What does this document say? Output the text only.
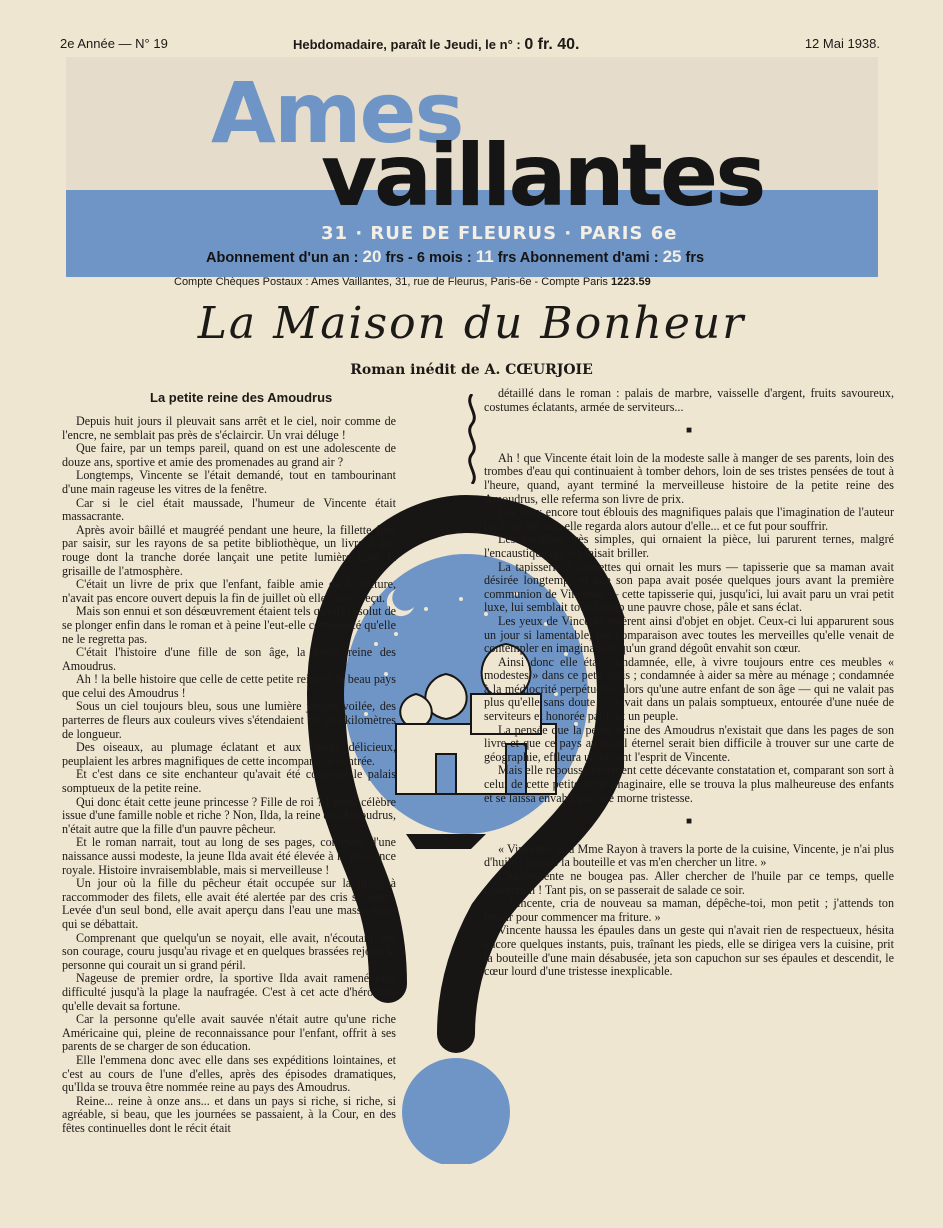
2e Année — N° 19	Hebdomadaire, paraît le Jeudi, le n° : 0 fr. 40.	12 Mai 1938.
Ames
vaillantes
31 · RUE DE FLEURUS · PARIS 6e
Abonnement d'un an : 20 frs - 6 mois : 11 frs Abonnement d'ami : 25 frs
Compte Chèques Postaux : Ames Vaillantes, 31, rue de Fleurus, Paris-6e - Compte Paris 1223.59
La Maison du Bonheur
Roman inédit de A. CŒURJOIE
La petite reine des Amoudrus

Depuis huit jours il pleuvait sans arrêt et le ciel, noir comme de l'encre, ne semblait pas près de s'éclaircir. Un vrai déluge !

Que faire, par un temps pareil, quand on est une adolescente de douze ans, sportive et amie des promenades au grand air ?

Longtemps, Vincente se l'était demandé, tout en tambourinant d'une main rageuse les vitres de la fenêtre.

Car si le ciel était maussade, l'humeur de Vincente était massacrante.

Après avoir bâillé et maugréé pendant une heure, la fillette finit par saisir, sur les rayons de sa petite bibliothèque, un livre à dos rouge dont la tranche dorée lançait une petite lumière dans la grisaille de l'atmosphère.

C'était un livre de prix que l'enfant, faible amie de la lecture, n'avait pas encore ouvert depuis la fin de juillet où elle l'avait reçu.

Mais son ennui et son désœuvrement étaient tels qu'elle résolut de se plonger enfin dans le roman et à peine l'eut-elle commencé qu'elle ne le regretta pas.

C'était l'histoire d'une fille de son âge, la petite reine des Amoudrus.

Ah ! la belle histoire que celle de cette petite reine et le beau pays que celui des Amoudrus !

Sous un ciel toujours bleu, sous une lumière jamais voilée, des parterres de fleurs aux couleurs vives s'étendaient sur des kilomètres de longueur.

Des oiseaux, au plumage éclatant et aux chants délicieux, peuplaient les arbres magnifiques de cette incomparable contrée.

Et c'est dans ce site enchanteur qu'avait été construit le palais somptueux de la petite reine.

Qui donc était cette jeune princesse ? Fille de roi ? Enfant célèbre issue d'une famille noble et riche ? Non, Ilda, la reine des Amoudrus, n'était autre que la fille d'un pauvre pêcheur.

Et le roman narrait, tout au long de ses pages, comment d'une naissance aussi modeste, la jeune Ilda avait été élevée à la puissance royale. Histoire invraisemblable, mais si merveilleuse !

Un jour où la fille du pêcheur était occupée sur la plage à raccommoder des filets, elle avait été alertée par des cris stridents. Levée d'un seul bond, elle avait aperçu dans l'eau une masse noire qui se débattait.

Comprenant que quelqu'un se noyait, elle avait, n'écoutant que son courage, couru jusqu'au rivage et en quelques brassées rejoint la personne qui courait un si grand péril.

Nageuse de premier ordre, la sportive Ilda avait ramené sans difficulté jusqu'à la plage la naufragée. C'est à cet acte d'héroïsme qu'elle devait sa fortune.

Car la personne qu'elle avait sauvée n'était autre qu'une riche Américaine qui, pleine de reconnaissance pour l'enfant, offrit à ses parents de se charger de son éducation.

Elle l'emmena donc avec elle dans ses expéditions lointaines, et c'est au cours de l'une d'elles, après des épisodes dramatiques, qu'Ilda se trouva être nommée reine au pays des Amoudrus.

Reine... reine à onze ans... et dans un pays si riche, si riche, si agréable, si beau, que les journées se passaient, à la Cour, en des fêtes continuelles dont le récit était

détaillé dans le roman : palais de marbre, vaisselle d'argent, fruits savoureux, costumes éclatants, armée de serviteurs...

■

Ah ! que Vincente était loin de la modeste salle à manger de ses parents, loin des trombes d'eau qui continuaient à tomber dehors, loin de ses tristes pensées de tout à l'heure, quand, ayant terminé la merveilleuse histoire de la petite reine des Amoudrus, elle referma son livre de prix.

Les yeux encore tout éblouis des magnifiques palais que l'imagination de l'auteur lui avait décrits, elle regarda alors autour d'elle... et ce fut pour souffrir.

Les meubles, très simples, qui ornaient la pièce, lui parurent ternes, malgré l'encaustique qui les faisait briller.

La tapisserie à fleurettes qui ornait les murs — tapisserie que sa maman avait désirée longtemps et que son papa avait posée quelques jours avant la première communion de Vincente — cette tapisserie qui, jusqu'ici, lui avait paru un vrai petit luxe, lui semblait tout à coup une pauvre chose, pâle et sans éclat.

Les yeux de Vincente errèrent ainsi d'objet en objet. Ceux-ci lui apparurent sous un jour si lamentable, par comparaison avec toutes les merveilles qu'elle venait de contempler en imagination, qu'un grand dégoût envahit son cœur.

Ainsi donc elle était condamnée, elle, à vivre toujours entre ces meubles « modestes » dans ce petit logis ; condamnée à aider sa mère au ménage ; condamnée à la médiocrité perpétuelle, alors qu'une autre enfant de son âge — qui ne valait pas plus qu'elle sans doute — vivait dans un palais somptueux, entourée d'une nuée de serviteurs et honorée par tout un peuple.

La pensée que la petite reine des Amoudrus n'existait que dans les pages de son livre et que ce pays au soleil éternel serait bien difficile à trouver sur une carte de géographie, effleura un instant l'esprit de Vincente.

Mais elle repoussa vivement cette décevante constatation et, comparant son sort à celui de cette petite reine imaginaire, elle se trouva la plus malheureuse des enfants et se laissa envahir par une morne tristesse.

■

« Vincente, cria Mme Rayon à travers la porte de la cuisine, Vincente, je n'ai plus d'huile ; prends la bouteille et vas m'en chercher un litre. »

L'adolescente ne bougea pas. Aller chercher de l'huile par ce temps, quelle distraction ! Tant pis, on se passerait de salade ce soir.

« Vincente, cria de nouveau sa maman, dépêche-toi, mon petit ; j'attends ton retour pour commencer ma friture. »

Vincente haussa les épaules dans un geste qui n'avait rien de respectueux, hésita encore quelques instants, puis, traînant les pieds, elle se dirigea vers la cuisine, prit la bouteille d'une main désabusée, jeta son capuchon sur ses épaules et descendit, le cœur lourd d'une tristesse inexplicable.
